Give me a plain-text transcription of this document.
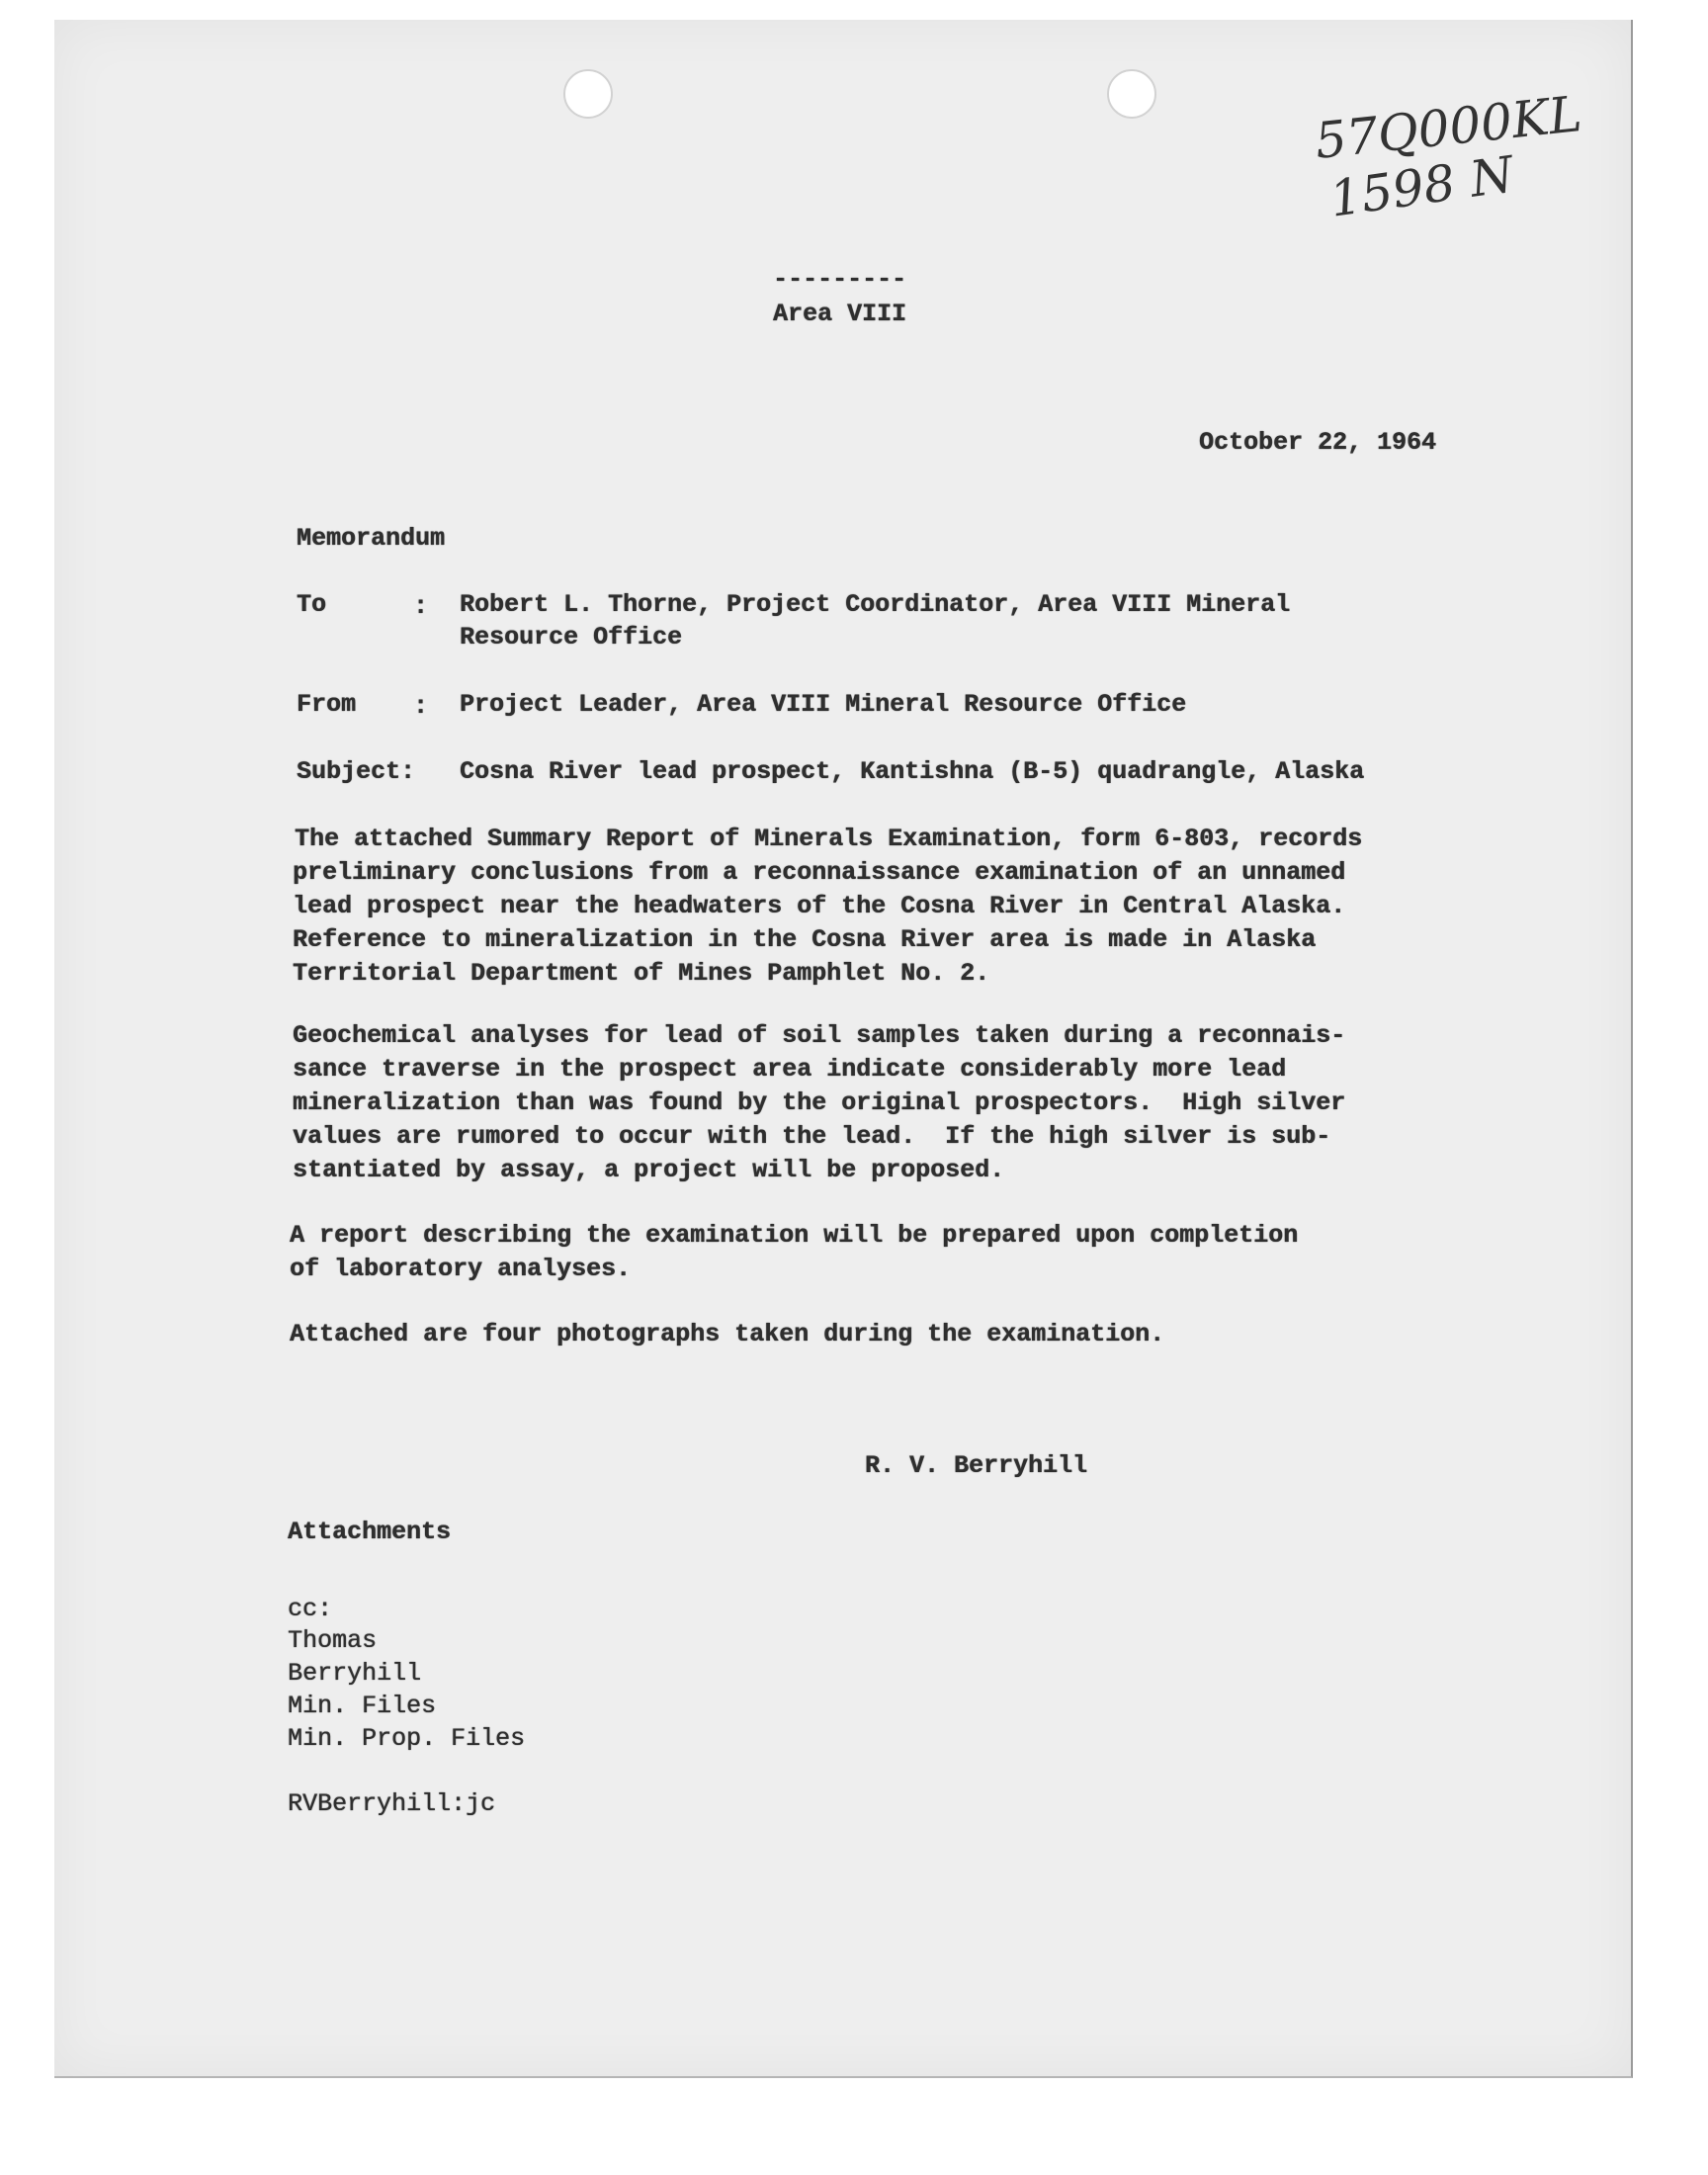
57Q000KL
1598 N
---------
Area VIII
October 22, 1964
Memorandum
To	: Robert L. Thorne, Project Coordinator, Area VIII Mineral
Resource Office
From : Project Leader, Area VIII Mineral Resource Office
Subject: Cosna River lead prospect, Kantishna (B-5) quadrangle, Alaska
The attached Summary Report of Minerals Examination, form 6-803, records
preliminary conclusions from a reconnaissance examination of an unnamed
lead prospect near the headwaters of the Cosna River in Central Alaska.
Reference to mineralization in the Cosna River area is made in Alaska
Territorial Department of Mines Pamphlet No. 2.
Geochemical analyses for lead of soil samples taken during a reconnais-
sance traverse in the prospect area indicate considerably more lead
mineralization than was found by the original prospectors.  High silver
values are rumored to occur with the lead.  If the high silver is sub-
stantiated by assay, a project will be proposed.
A report describing the examination will be prepared upon completion
of laboratory analyses.
Attached are four photographs taken during the examination.
R. V. Berryhill
Attachments
cc:
Thomas
Berryhill
Min. Files
Min. Prop. Files
RVBerryhill:jc
